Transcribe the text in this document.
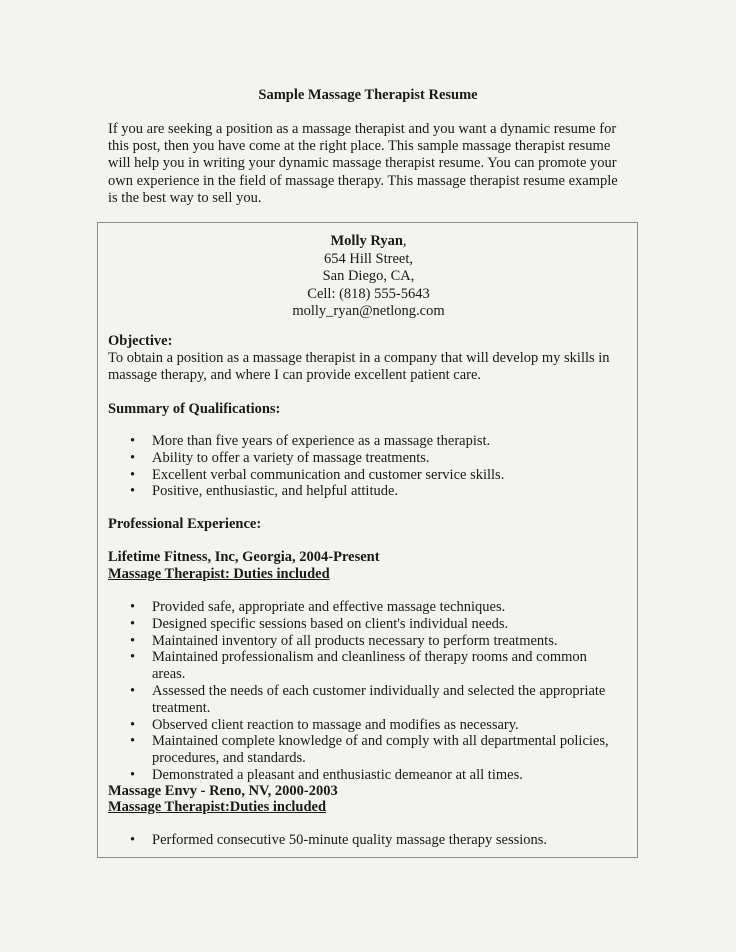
Sample Massage Therapist Resume
If you are seeking a position as a massage therapist and you want a dynamic resume for this post, then you have come at the right place. This sample massage therapist resume will help you in writing your dynamic massage therapist resume. You can promote your own experience in the field of massage therapy. This massage therapist resume example is the best way to sell you.
Molly Ryan,
654 Hill Street,
San Diego, CA,
Cell: (818) 555-5643
molly_ryan@netlong.com
Objective:
To obtain a position as a massage therapist in a company that will develop my skills in massage therapy, and where I can provide excellent patient care.
Summary of Qualifications:
• More than five years of experience as a massage therapist.
• Ability to offer a variety of massage treatments.
• Excellent verbal communication and customer service skills.
• Positive, enthusiastic, and helpful attitude.
Professional Experience:
Lifetime Fitness, Inc, Georgia, 2004-Present
Massage Therapist: Duties included
• Provided safe, appropriate and effective massage techniques.
• Designed specific sessions based on client's individual needs.
• Maintained inventory of all products necessary to perform treatments.
• Maintained professionalism and cleanliness of therapy rooms and common areas.
• Assessed the needs of each customer individually and selected the appropriate treatment.
• Observed client reaction to massage and modifies as necessary.
• Maintained complete knowledge of and comply with all departmental policies, procedures, and standards.
• Demonstrated a pleasant and enthusiastic demeanor at all times.
Massage Envy - Reno, NV, 2000-2003
Massage Therapist:Duties included
• Performed consecutive 50-minute quality massage therapy sessions.
